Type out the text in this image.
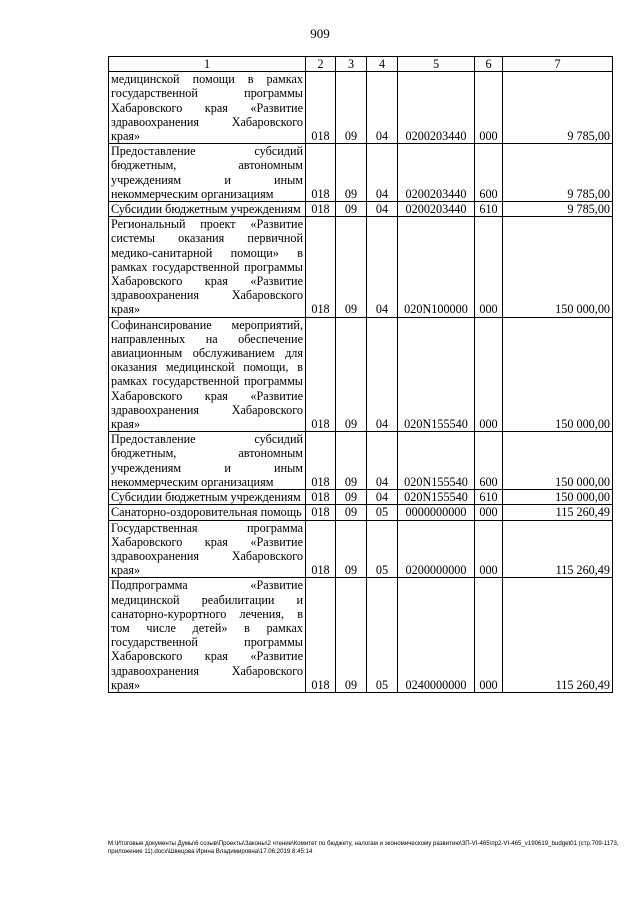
909
1	2	3	4	5	6	7
медицинской помощи в рамках государственной программы Хабаровского края «Развитие здравоохранения Хабаровского края»	018	09	04	0200203440	000	9 785,00
Предоставление субсидий бюджетным, автономным учреждениям и иным некоммерческим организациям	018	09	04	0200203440	600	9 785,00
Субсидии бюджетным учреждениям	018	09	04	0200203440	610	9 785,00
Региональный проект «Развитие системы оказания первичной медико-санитарной помощи» в рамках государственной программы Хабаровского края «Развитие здравоохранения Хабаровского края»	018	09	04	020N100000	000	150 000,00
Софинансирование мероприятий, направленных на обеспечение авиационным обслуживанием для оказания медицинской помощи, в рамках государственной программы Хабаровского края «Развитие здравоохранения Хабаровского края»	018	09	04	020N155540	000	150 000,00
Предоставление субсидий бюджетным, автономным учреждениям и иным некоммерческим организациям	018	09	04	020N155540	600	150 000,00
Субсидии бюджетным учреждениям	018	09	04	020N155540	610	150 000,00
Санаторно-оздоровительная помощь	018	09	05	0000000000	000	115 260,49
Государственная программа Хабаровского края «Развитие здравоохранения Хабаровского края»	018	09	05	0200000000	000	115 260,49
Подпрограмма «Развитие медицинской реабилитации и санаторно-курортного лечения, в том числе детей» в рамках государственной программы Хабаровского края «Развитие здравоохранения Хабаровского края»	018	09	05	0240000000	000	115 260,49
М:\Итоговые документы Думы\6 созыв\Проекты\Законы\2 чтение\Комитет по бюджету, налогам и экономическому развитию\ЗП-VI-465\пр2-VI-465_v190619_budget01 (стр.709-1173, приложение 11).docx\Швецова Ирина Владимировна\17.06.2019 8:45:14
